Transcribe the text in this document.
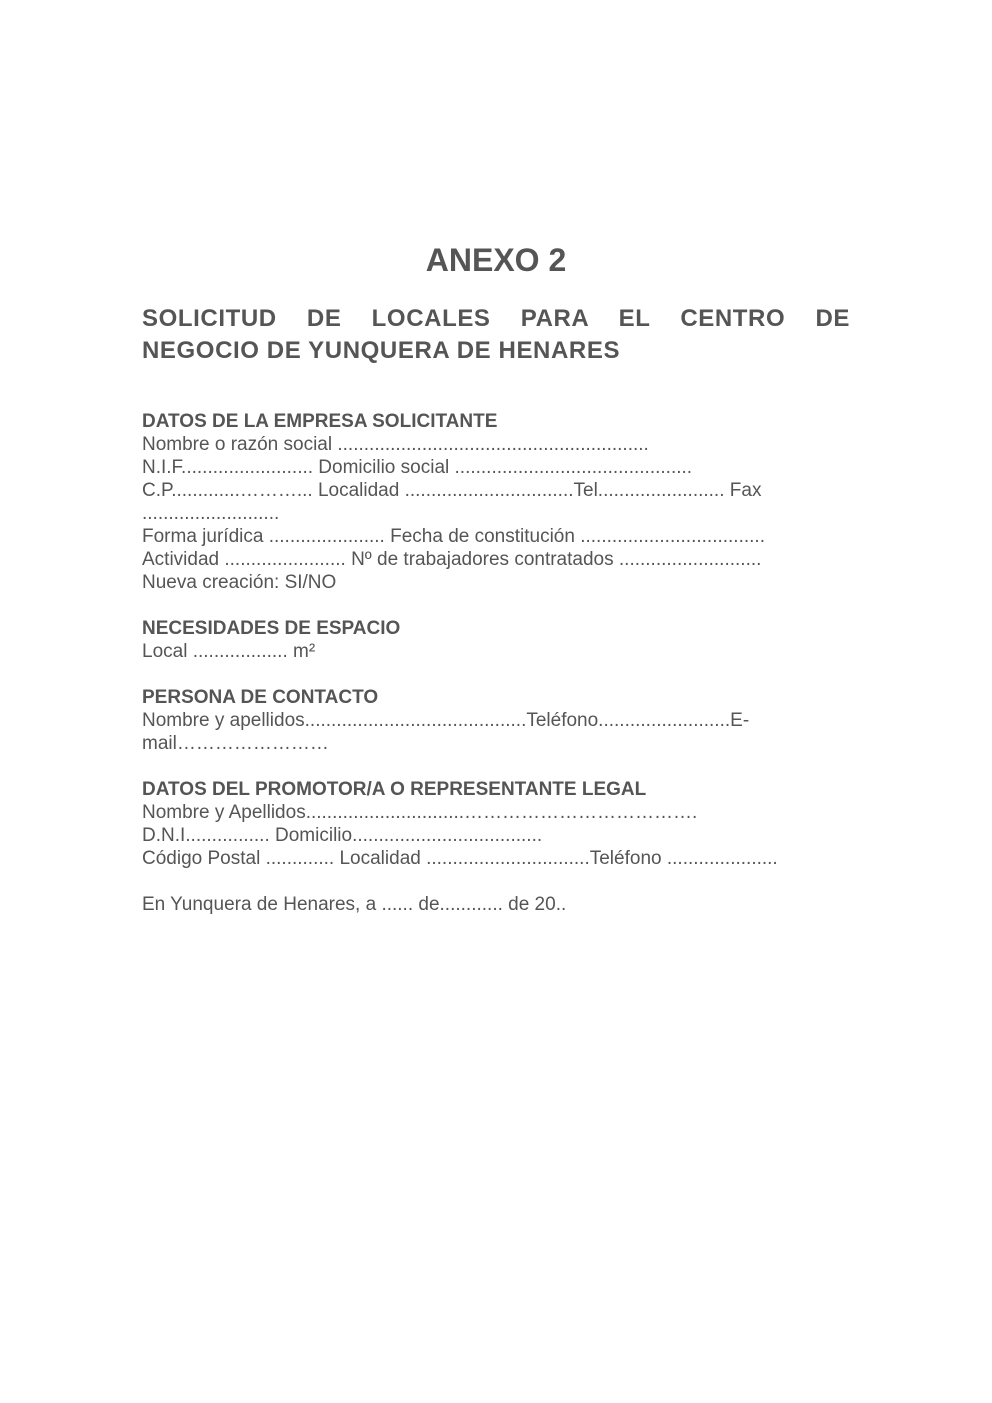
ANEXO 2
SOLICITUD DE LOCALES PARA EL CENTRO DE
NEGOCIO DE YUNQUERA DE HENARES
DATOS DE LA EMPRESA SOLICITANTE
Nombre o razón social ...........................................................
N.I.F......................... Domicilio social .............................................
C.P.............………... Localidad ................................Tel........................ Fax
..........................
Forma jurídica ...................... Fecha de constitución ...................................
Actividad ....................... Nº de trabajadores contratados ...........................
Nueva creación: SI/NO
NECESIDADES DE ESPACIO
Local .................. m²
PERSONA DE CONTACTO
Nombre y apellidos..........................................Teléfono.........................E-
mail……………………
DATOS DEL PROMOTOR/A O REPRESENTANTE LEGAL
Nombre y Apellidos..............................……………………………….
D.N.I................ Domicilio....................................
Código Postal ............. Localidad ...............................Teléfono .....................
En Yunquera de Henares, a ...... de............ de 20..
